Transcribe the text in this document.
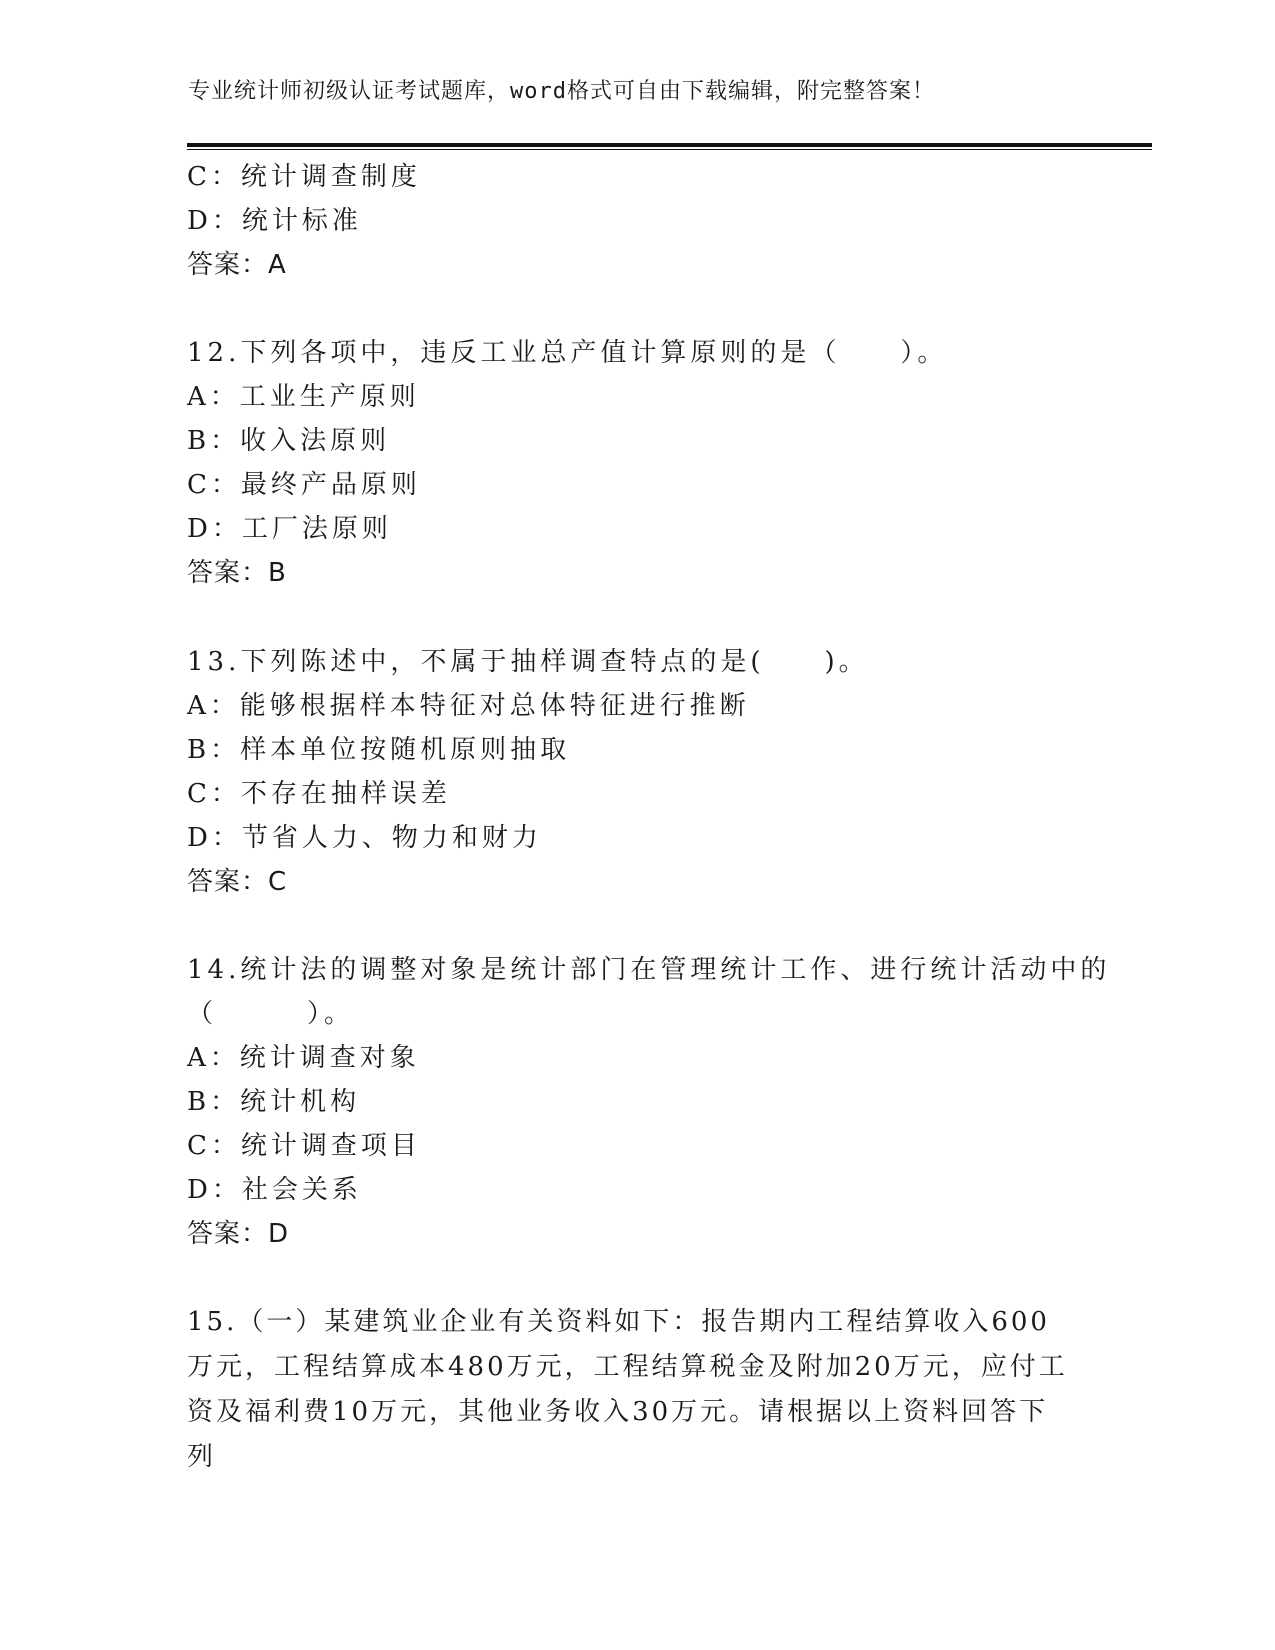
专业统计师初级认证考试题库，word格式可自由下载编辑，附完整答案！
C：统计调查制度
D：统计标准
答案：A
12.下列各项中，违反工业总产值计算原则的是（　　）。
A：工业生产原则
B：收入法原则
C：最终产品原则
D：工厂法原则
答案：B
13.下列陈述中，不属于抽样调查特点的是(　　)。
A：能够根据样本特征对总体特征进行推断
B：样本单位按随机原则抽取
C：不存在抽样误差
D：节省人力、物力和财力
答案：C
14.统计法的调整对象是统计部门在管理统计工作、进行统计活动中的
（　　　）。
A：统计调查对象
B：统计机构
C：统计调查项目
D：社会关系
答案：D
15.（一）某建筑业企业有关资料如下：报告期内工程结算收入600万元，工程结算成本480万元，工程结算税金及附加20万元，应付工资及福利费10万元，其他业务收入30万元。请根据以上资料回答下列
